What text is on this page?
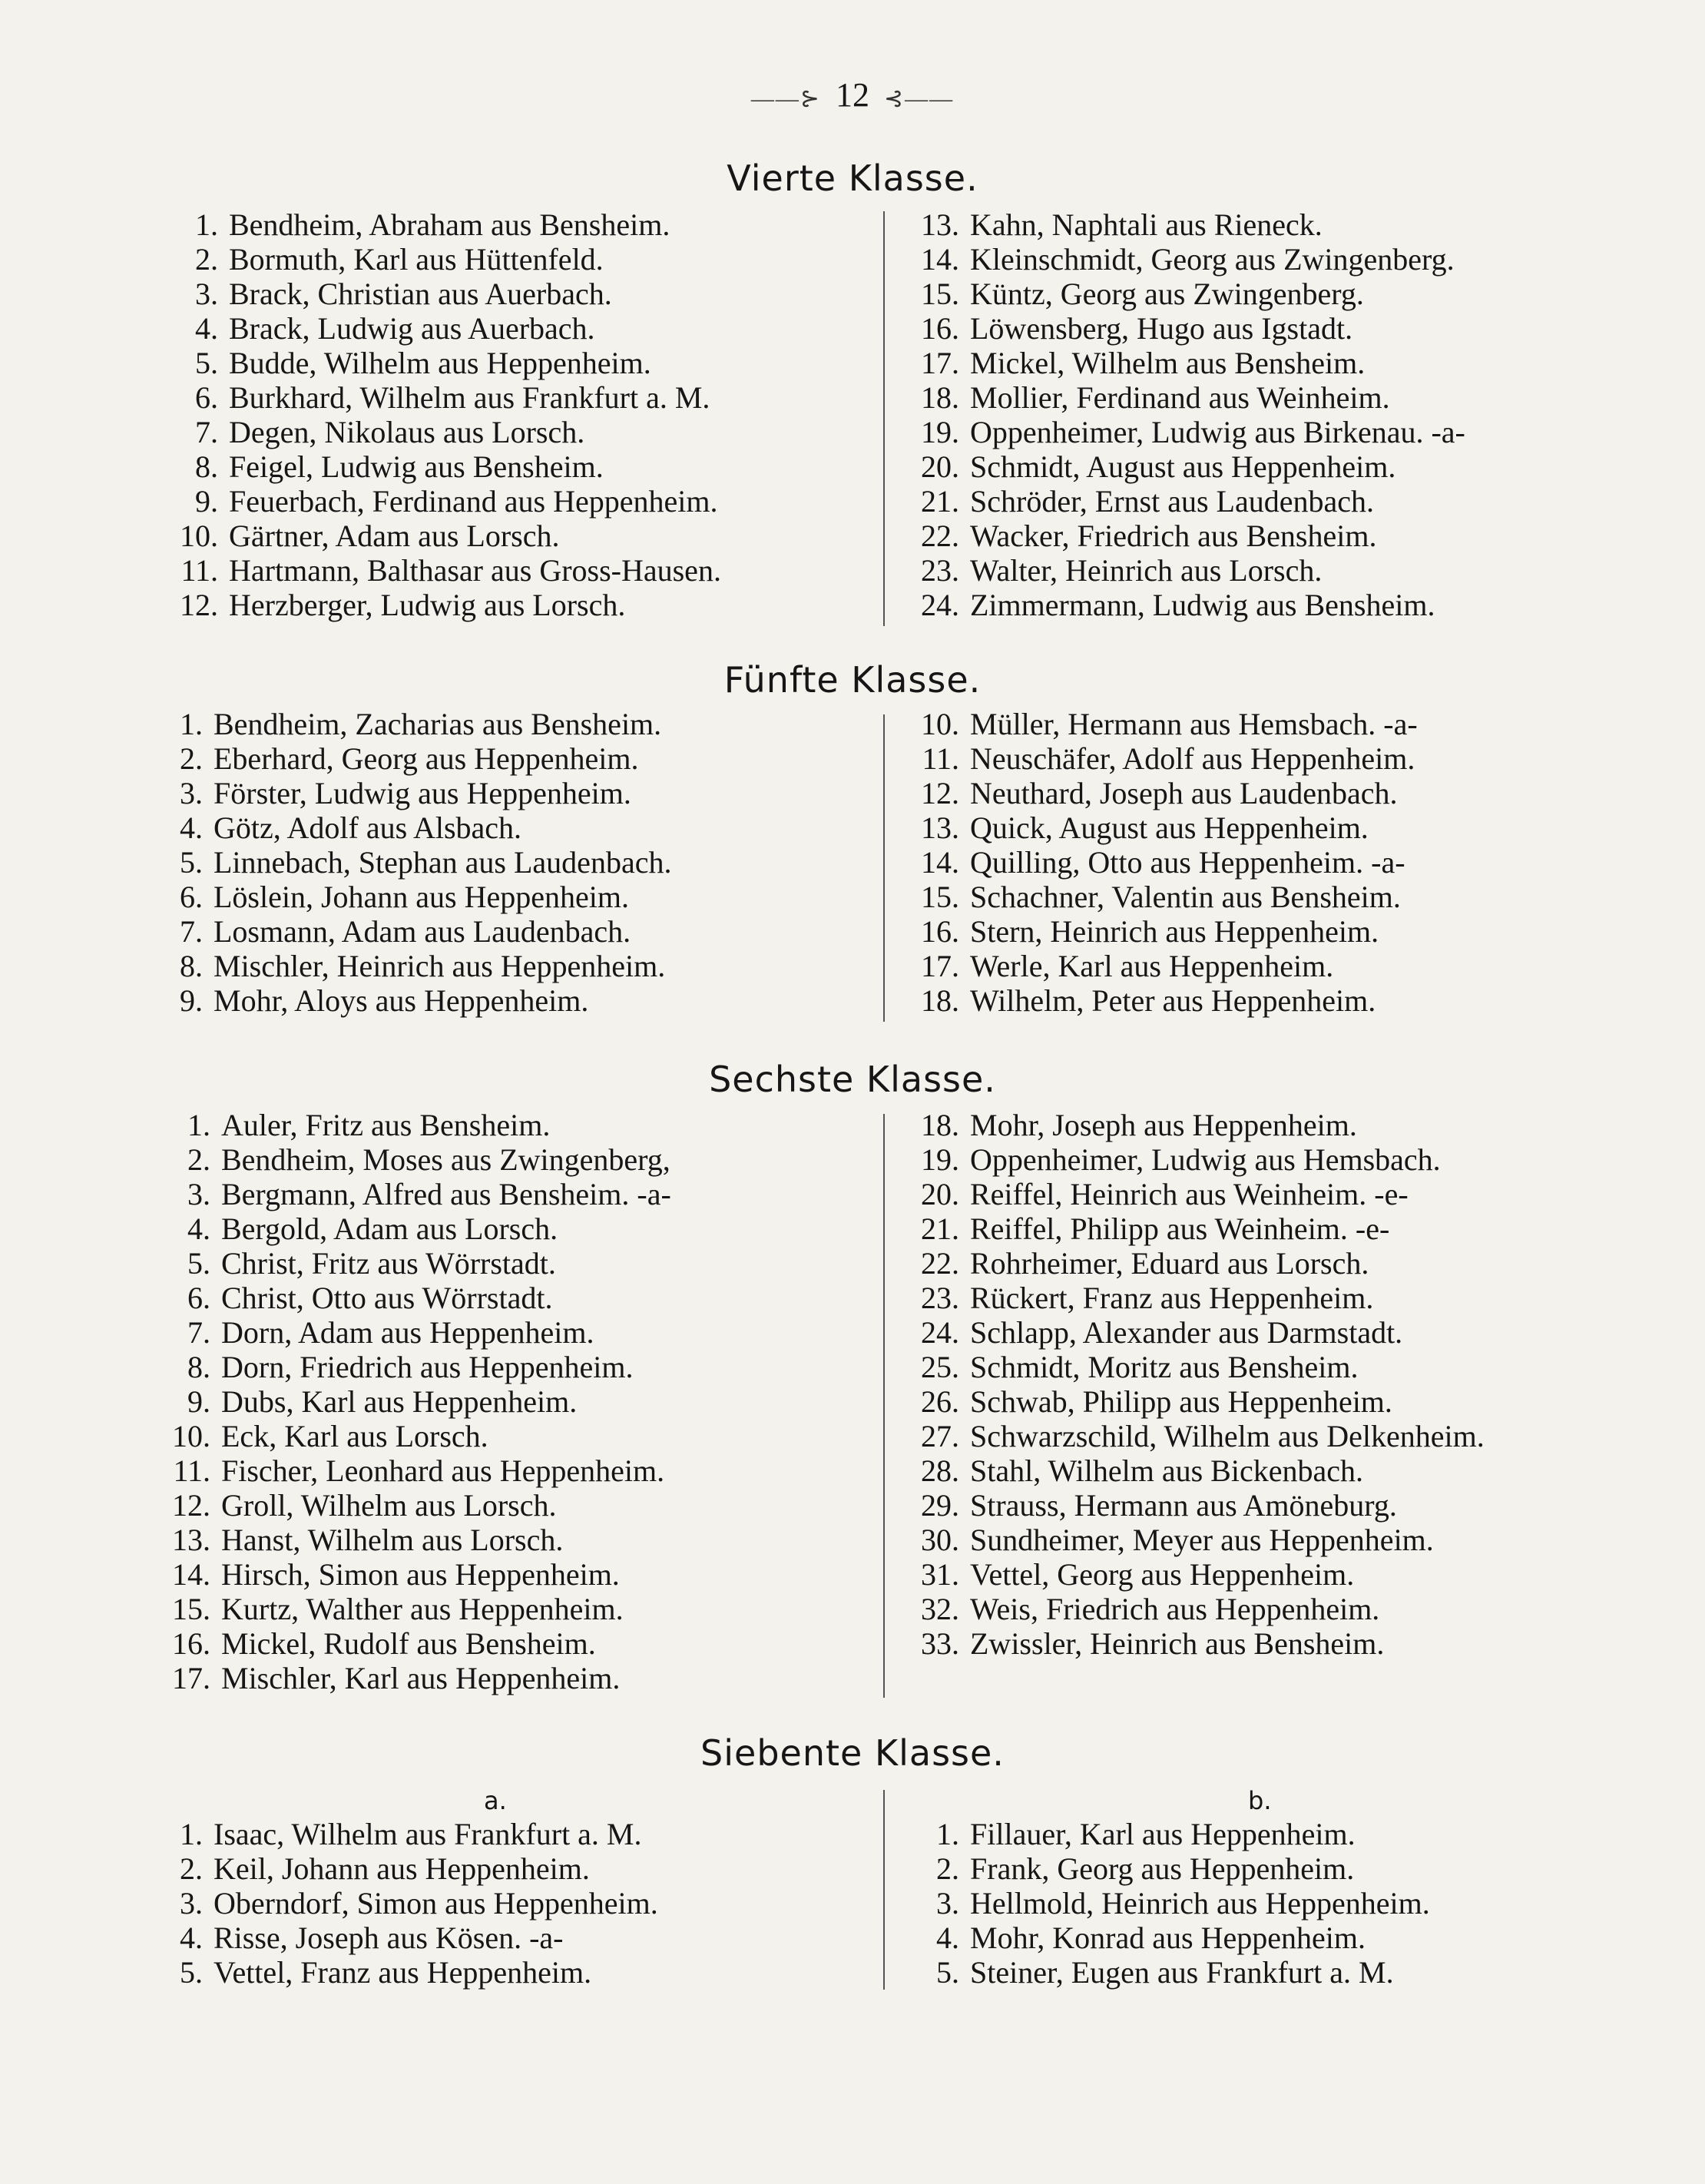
——⊱  12  ⊰——
Vierte Klasse.
1. Bendheim, Abraham aus Bensheim.
2. Bormuth, Karl aus Hüttenfeld.
3. Brack, Christian aus Auerbach.
4. Brack, Ludwig aus Auerbach.
5. Budde, Wilhelm aus Heppenheim.
6. Burkhard, Wilhelm aus Frankfurt a. M.
7. Degen, Nikolaus aus Lorsch.
8. Feigel, Ludwig aus Bensheim.
9. Feuerbach, Ferdinand aus Heppenheim.
10. Gärtner, Adam aus Lorsch.
11. Hartmann, Balthasar aus Gross-Hausen.
12. Herzberger, Ludwig aus Lorsch.
13. Kahn, Naphtali aus Rieneck.
14. Kleinschmidt, Georg aus Zwingenberg.
15. Küntz, Georg aus Zwingenberg.
16. Löwensberg, Hugo aus Igstadt.
17. Mickel, Wilhelm aus Bensheim.
18. Mollier, Ferdinand aus Weinheim.
19. Oppenheimer, Ludwig aus Birkenau. -a-
20. Schmidt, August aus Heppenheim.
21. Schröder, Ernst aus Laudenbach.
22. Wacker, Friedrich aus Bensheim.
23. Walter, Heinrich aus Lorsch.
24. Zimmermann, Ludwig aus Bensheim.
Fünfte Klasse.
1. Bendheim, Zacharias aus Bensheim.
2. Eberhard, Georg aus Heppenheim.
3. Förster, Ludwig aus Heppenheim.
4. Götz, Adolf aus Alsbach.
5. Linnebach, Stephan aus Laudenbach.
6. Löslein, Johann aus Heppenheim.
7. Losmann, Adam aus Laudenbach.
8. Mischler, Heinrich aus Heppenheim.
9. Mohr, Aloys aus Heppenheim.
10. Müller, Hermann aus Hemsbach. -a-
11. Neuschäfer, Adolf aus Heppenheim.
12. Neuthard, Joseph aus Laudenbach.
13. Quick, August aus Heppenheim.
14. Quilling, Otto aus Heppenheim. -a-
15. Schachner, Valentin aus Bensheim.
16. Stern, Heinrich aus Heppenheim.
17. Werle, Karl aus Heppenheim.
18. Wilhelm, Peter aus Heppenheim.
Sechste Klasse.
1. Auler, Fritz aus Bensheim.
2. Bendheim, Moses aus Zwingenberg,
3. Bergmann, Alfred aus Bensheim. -a-
4. Bergold, Adam aus Lorsch.
5. Christ, Fritz aus Wörrstadt.
6. Christ, Otto aus Wörrstadt.
7. Dorn, Adam aus Heppenheim.
8. Dorn, Friedrich aus Heppenheim.
9. Dubs, Karl aus Heppenheim.
10. Eck, Karl aus Lorsch.
11. Fischer, Leonhard aus Heppenheim.
12. Groll, Wilhelm aus Lorsch.
13. Hanst, Wilhelm aus Lorsch.
14. Hirsch, Simon aus Heppenheim.
15. Kurtz, Walther aus Heppenheim.
16. Mickel, Rudolf aus Bensheim.
17. Mischler, Karl aus Heppenheim.
18. Mohr, Joseph aus Heppenheim.
19. Oppenheimer, Ludwig aus Hemsbach.
20. Reiffel, Heinrich aus Weinheim. -e-
21. Reiffel, Philipp aus Weinheim. -e-
22. Rohrheimer, Eduard aus Lorsch.
23. Rückert, Franz aus Heppenheim.
24. Schlapp, Alexander aus Darmstadt.
25. Schmidt, Moritz aus Bensheim.
26. Schwab, Philipp aus Heppenheim.
27. Schwarzschild, Wilhelm aus Delkenheim.
28. Stahl, Wilhelm aus Bickenbach.
29. Strauss, Hermann aus Amöneburg.
30. Sundheimer, Meyer aus Heppenheim.
31. Vettel, Georg aus Heppenheim.
32. Weis, Friedrich aus Heppenheim.
33. Zwissler, Heinrich aus Bensheim.
Siebente Klasse.
a.	b.
1. Isaac, Wilhelm aus Frankfurt a. M.
2. Keil, Johann aus Heppenheim.
3. Oberndorf, Simon aus Heppenheim.
4. Risse, Joseph aus Kösen. -a-
5. Vettel, Franz aus Heppenheim.
1. Fillauer, Karl aus Heppenheim.
2. Frank, Georg aus Heppenheim.
3. Hellmold, Heinrich aus Heppenheim.
4. Mohr, Konrad aus Heppenheim.
5. Steiner, Eugen aus Frankfurt a. M.
